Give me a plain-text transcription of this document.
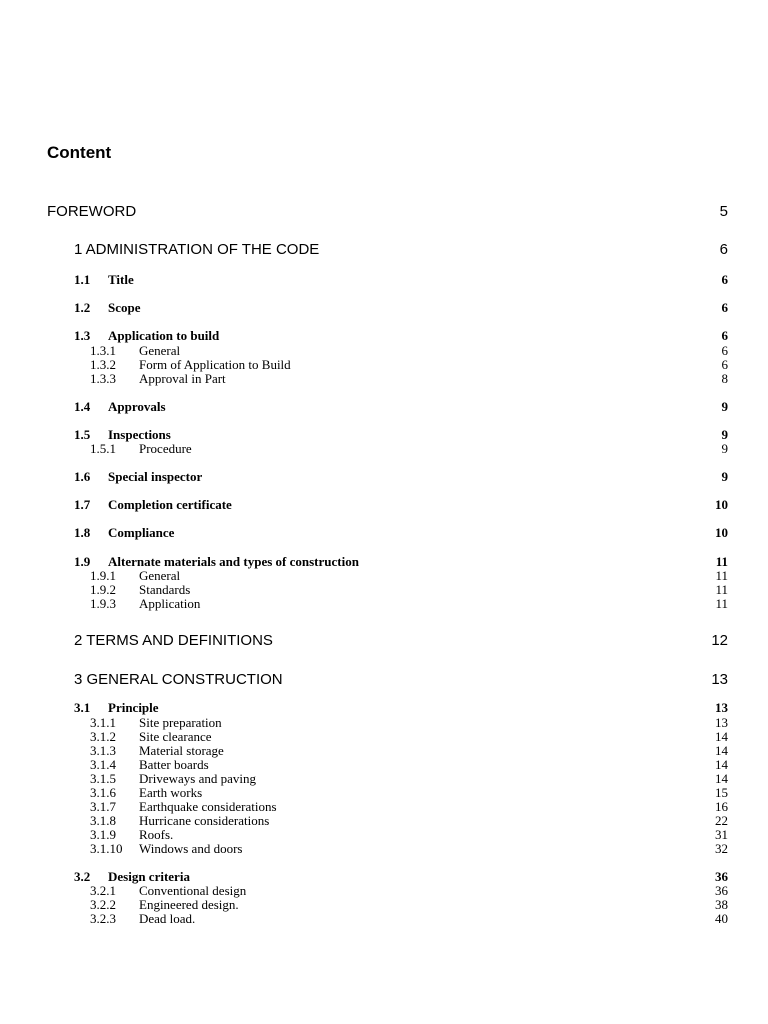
Content
FOREWORD	5
1 ADMINISTRATION OF THE CODE	6
1.1 Title	6
1.2 Scope	6
1.3 Application to build	6
1.3.1 General	6
1.3.2 Form of Application to Build	6
1.3.3 Approval in Part	8
1.4 Approvals	9
1.5 Inspections	9
1.5.1 Procedure	9
1.6 Special inspector	9
1.7 Completion certificate	10
1.8 Compliance	10
1.9 Alternate materials and types of construction	11
1.9.1 General	11
1.9.2 Standards	11
1.9.3 Application	11
2 TERMS AND DEFINITIONS	12
3 GENERAL CONSTRUCTION	13
3.1 Principle	13
3.1.1 Site preparation	13
3.1.2 Site clearance	14
3.1.3 Material storage	14
3.1.4 Batter boards	14
3.1.5 Driveways and paving	14
3.1.6 Earth works	15
3.1.7 Earthquake considerations	16
3.1.8 Hurricane considerations	22
3.1.9 Roofs.	31
3.1.10 Windows and doors	32
3.2 Design criteria	36
3.2.1 Conventional design	36
3.2.2 Engineered design.	38
3.2.3 Dead load.	40
